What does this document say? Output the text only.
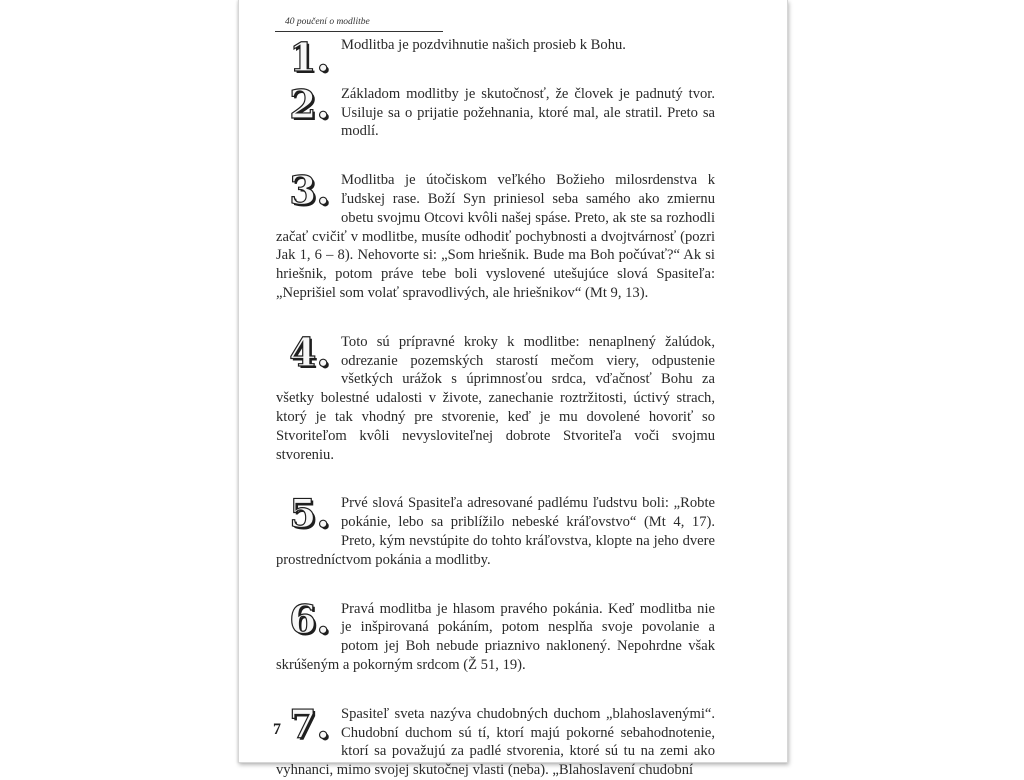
40 poučení o modlitbe
1. Modlitba je pozdvihnutie našich prosieb k Bohu.

2. Základom modlitby je skutočnosť, že človek je padnutý tvor. Usiluje sa o prijatie požehnania, ktoré mal, ale stratil. Preto sa modlí.

3. Modlitba je útočiskom veľkého Božieho milosrdenstva k ľudskej rase. Boží Syn priniesol seba samého ako zmiernu obetu svojmu Otcovi kvôli našej spáse. Preto, ak ste sa rozhodli začať cvičiť v modlitbe, musíte odhodiť pochybnosti a dvojtvárnosť (pozri Jak 1, 6 – 8). Nehovorte si: „Som hriešnik. Bude ma Boh počúvať?“ Ak si hriešnik, potom práve tebe boli vyslovené utešujúce slová Spasiteľa: „Neprišiel som volať spravodlivých, ale hriešnikov“ (Mt 9, 13).

4. Toto sú prípravné kroky k modlitbe: nenaplnený žalúdok, odrezanie pozemských starostí mečom viery, odpustenie všetkých urážok s úprimnosťou srdca, vďačnosť Bohu za všetky bolestné udalosti v živote, zanechanie roztržitosti, úctivý strach, ktorý je tak vhodný pre stvorenie, keď je mu dovolené hovoriť so Stvoriteľom kvôli nevysloviteľnej dobrote Stvoriteľa voči svojmu stvoreniu.

5. Prvé slová Spasiteľa adresované padlému ľudstvu boli: „Robte pokánie, lebo sa priblížilo nebeské kráľovstvo“ (Mt 4, 17). Preto, kým nevstúpite do tohto kráľovstva, klopte na jeho dvere prostredníctvom pokánia a modlitby.

6. Pravá modlitba je hlasom pravého pokánia. Keď modlitba nie je inšpirovaná pokáním, potom nesplňa svoje povolanie a potom jej Boh nebude priaznivo naklonený. Nepohrdne však skrúšeným a pokorným srdcom (Ž 51, 19).

7. Spasiteľ sveta nazýva chudobných duchom „blahoslavenými“. Chudobní duchom sú tí, ktorí majú pokorné sebahodnotenie, ktorí sa považujú za padlé stvorenia, ktoré sú tu na zemi ako vyhnanci, mimo svojej skutočnej vlasti (neba). „Blahoslavení chudobní

7
